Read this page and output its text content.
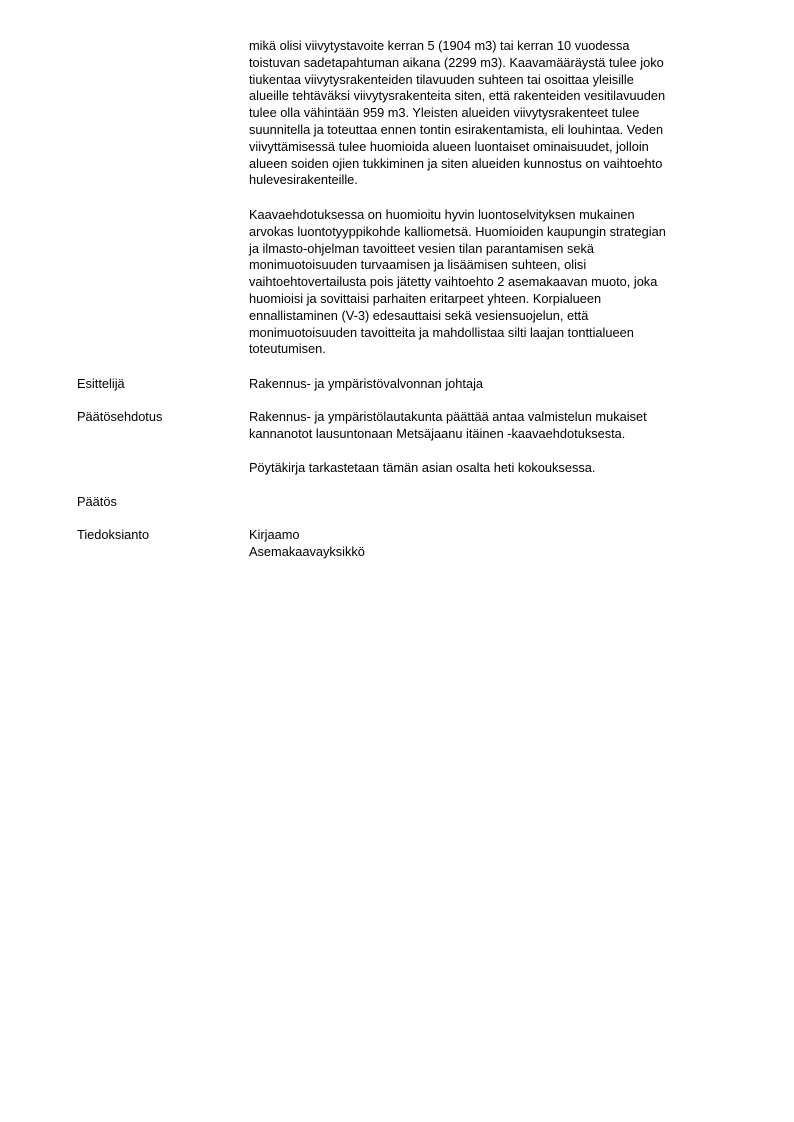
mikä olisi viivytystavoite kerran 5 (1904 m3) tai kerran 10 vuodessa

toistuvan sadetapahtuman aikana (2299 m3). Kaavamääräystä tulee joko

tiukentaa viivytysrakenteiden tilavuuden suhteen tai osoittaa yleisille

alueille tehtäväksi viivytysrakenteita siten, että rakenteiden vesitilavuuden

tulee olla vähintään 959 m3. Yleisten alueiden viivytysrakenteet tulee

suunnitella ja toteuttaa ennen tontin esirakentamista, eli louhintaa. Veden

viivyttämisessä tulee huomioida alueen luontaiset ominaisuudet, jolloin

alueen soiden ojien tukkiminen ja siten alueiden kunnostus on vaihtoehto

hulevesirakenteille.

Kaavaehdotuksessa on huomioitu hyvin luontoselvityksen mukainen

arvokas luontotyyppikohde kalliometsä. Huomioiden kaupungin strategian

ja ilmasto-ohjelman tavoitteet vesien tilan parantamisen sekä

monimuotoisuuden turvaamisen ja lisäämisen suhteen, olisi

vaihtoehtovertailusta pois jätetty vaihtoehto 2 asemakaavan muoto, joka

huomioisi ja sovittaisi parhaiten eritarpeet yhteen. Korpialueen

ennallistaminen (V-3) edesauttaisi sekä vesiensuojelun, että

monimuotoisuuden tavoitteita ja mahdollistaa silti laajan tonttialueen

toteutumisen.

Esittelijä	Rakennus- ja ympäristövalvonnan johtaja
Päätösehdotus	Rakennus- ja ympäristölautakunta päättää antaa valmistelun mukaiset
kannanotot lausuntonaan Metsäjaanu itäinen -kaavaehdotuksesta.
Pöytäkirja tarkastetaan tämän asian osalta heti kokouksessa.
Päätös
Tiedoksianto	Kirjaamo
Asemakaavayksikkö
